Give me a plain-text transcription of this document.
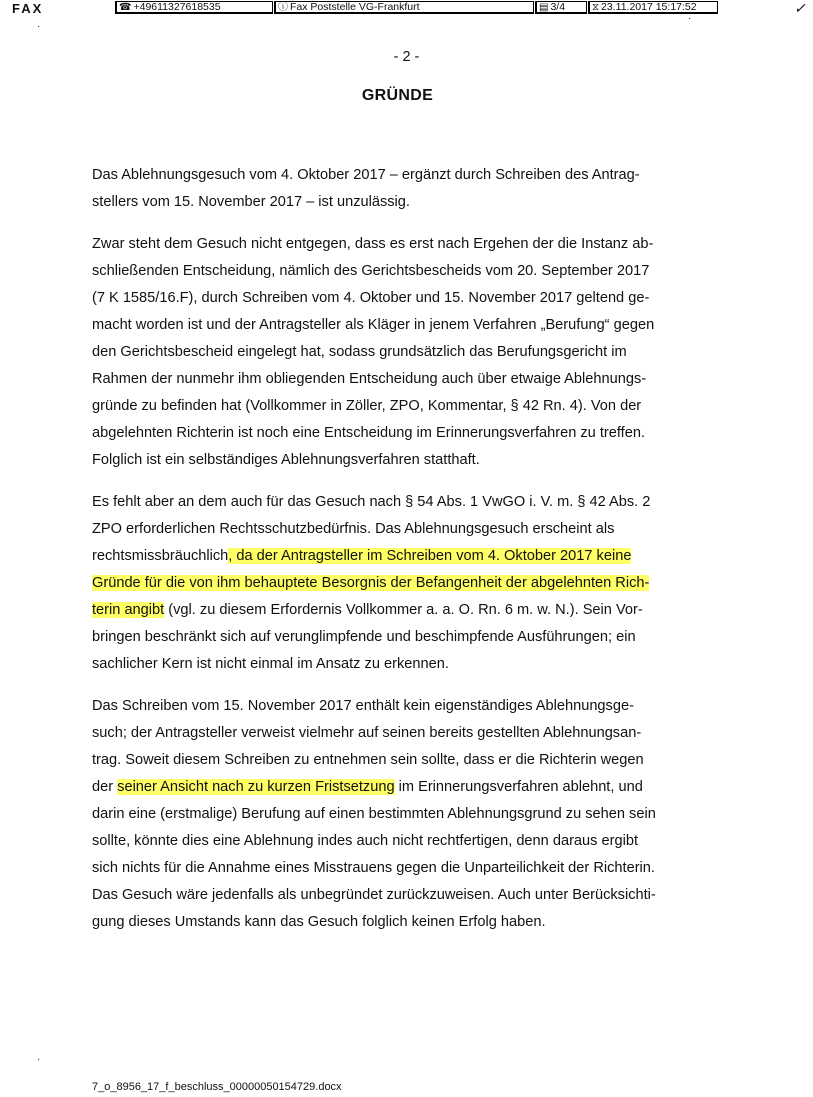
FAX	☎ +49611327618535	ⓘ Fax Poststelle VG-Frankfurt	▤ 3/4	⧖ 23.11.2017 15:17:52	✓
·
·
·
- 2 -
GRÜNDE
Das Ablehnungsgesuch vom 4. Oktober 2017 – ergänzt durch Schreiben des Antrag-
stellers vom 15. November 2017 – ist unzulässig.
Zwar steht dem Gesuch nicht entgegen, dass es erst nach Ergehen der die Instanz ab-
schließenden Entscheidung, nämlich des Gerichtsbescheids vom 20. September 2017
(7 K 1585/16.F), durch Schreiben vom 4. Oktober und 15. November 2017 geltend ge-
macht worden ist und der Antragsteller als Kläger in jenem Verfahren „Berufung“ gegen
den Gerichtsbescheid eingelegt hat, sodass grundsätzlich das Berufungsgericht im
Rahmen der nunmehr ihm obliegenden Entscheidung auch über etwaige Ablehnungs-
gründe zu befinden hat (Vollkommer in Zöller, ZPO, Kommentar, § 42 Rn. 4). Von der
abgelehnten Richterin ist noch eine Entscheidung im Erinnerungsverfahren zu treffen.
Folglich ist ein selbständiges Ablehnungsverfahren statthaft.
Es fehlt aber an dem auch für das Gesuch nach § 54 Abs. 1 VwGO i. V. m. § 42 Abs. 2
ZPO erforderlichen Rechtsschutzbedürfnis. Das Ablehnungsgesuch erscheint als
rechtsmissbräuchlich, da der Antragsteller im Schreiben vom 4. Oktober 2017 keine
Gründe für die von ihm behauptete Besorgnis der Befangenheit der abgelehnten Rich-
terin angibt (vgl. zu diesem Erfordernis Vollkommer a. a. O. Rn. 6 m. w. N.). Sein Vor-
bringen beschränkt sich auf verunglimpfende und beschimpfende Ausführungen; ein
sachlicher Kern ist nicht einmal im Ansatz zu erkennen.
Das Schreiben vom 15. November 2017 enthält kein eigenständiges Ablehnungsge-
such; der Antragsteller verweist vielmehr auf seinen bereits gestellten Ablehnungsan-
trag. Soweit diesem Schreiben zu entnehmen sein sollte, dass er die Richterin wegen
der seiner Ansicht nach zu kurzen Fristsetzung im Erinnerungsverfahren ablehnt, und
darin eine (erstmalige) Berufung auf einen bestimmten Ablehnungsgrund zu sehen sein
sollte, könnte dies eine Ablehnung indes auch nicht rechtfertigen, denn daraus ergibt
sich nichts für die Annahme eines Misstrauens gegen die Unparteilichkeit der Richterin.
Das Gesuch wäre jedenfalls als unbegründet zurückzuweisen. Auch unter Berücksichti-
gung dieses Umstands kann das Gesuch folglich keinen Erfolg haben.
7_o_8956_17_f_beschluss_00000050154729.docx
